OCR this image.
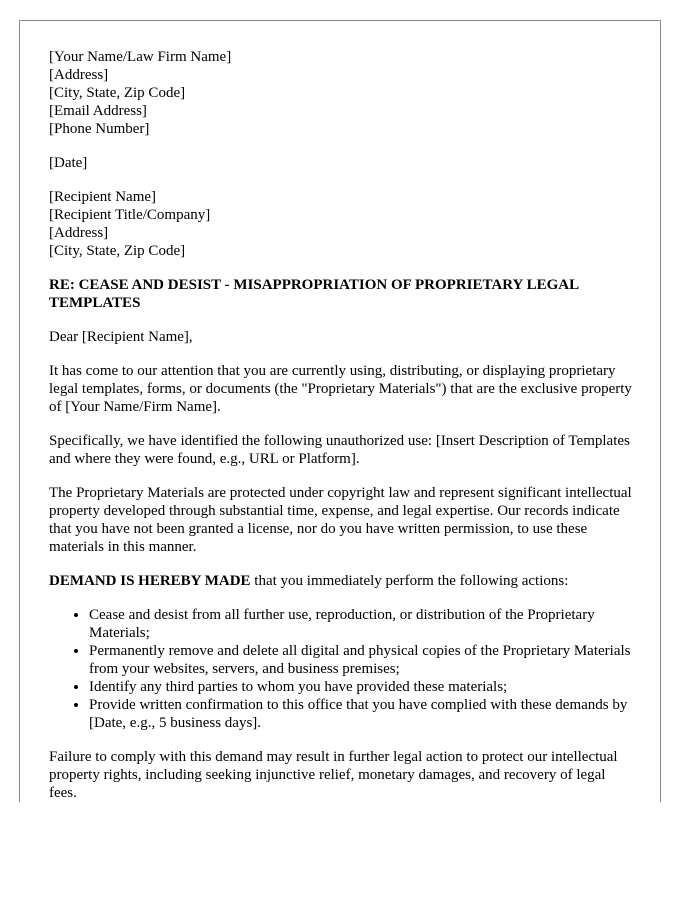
[Your Name/Law Firm Name]
[Address]
[City, State, Zip Code]
[Email Address]
[Phone Number]
[Date]
[Recipient Name]
[Recipient Title/Company]
[Address]
[City, State, Zip Code]
RE: CEASE AND DESIST - MISAPPROPRIATION OF PROPRIETARY LEGAL TEMPLATES

Dear [Recipient Name],

It has come to our attention that you are currently using, distributing, or displaying proprietary legal templates, forms, or documents (the "Proprietary Materials") that are the exclusive property of [Your Name/Firm Name].

Specifically, we have identified the following unauthorized use: [Insert Description of Templates and where they were found, e.g., URL or Platform].

The Proprietary Materials are protected under copyright law and represent significant intellectual property developed through substantial time, expense, and legal expertise. Our records indicate that you have not been granted a license, nor do you have written permission, to use these materials in this manner.

DEMAND IS HEREBY MADE that you immediately perform the following actions:

• Cease and desist from all further use, reproduction, or distribution of the Proprietary Materials;
• Permanently remove and delete all digital and physical copies of the Proprietary Materials from your websites, servers, and business premises;
• Identify any third parties to whom you have provided these materials;
• Provide written confirmation to this office that you have complied with these demands by [Date, e.g., 5 business days].

Failure to comply with this demand may result in further legal action to protect our intellectual property rights, including seeking injunctive relief, monetary damages, and recovery of legal fees.
